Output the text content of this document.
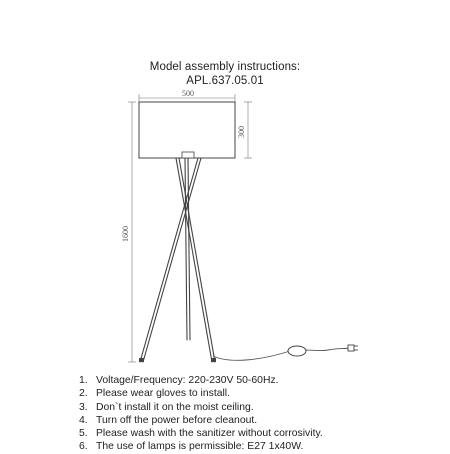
Model assembly instructions:
APL.637.05.01
500
300
1600
1. Voltage/Frequency: 220-230V 50-60Hz.
2. Please wear gloves to install.
3. Don`t install it on the moist ceiling.
4. Turn off the power before cleanout.
5. Please wash with the sanitizer without corrosivity.
6. The use of lamps is permissible: E27 1x40W.
